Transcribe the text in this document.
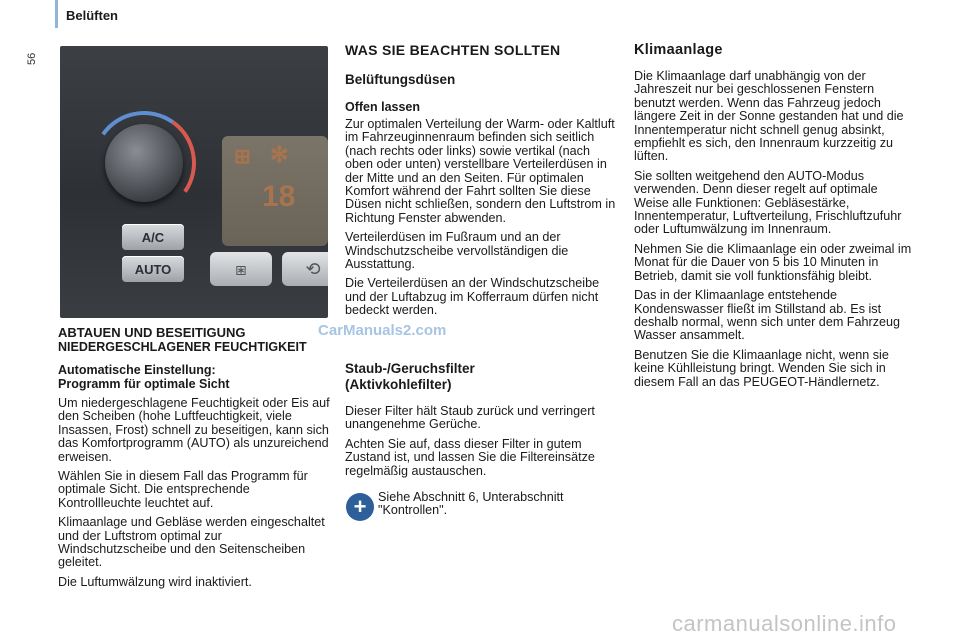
56
Belüften
⊞ ✻
18
A/C
AUTO	⧆	⟲
ABTAUEN UND BESEITIGUNG
NIEDERGESCHLAGENER FEUCHTIGKEIT
Automatische Einstellung:
Programm für optimale Sicht

Um niedergeschlagene Feuchtigkeit oder Eis auf den Scheiben (hohe Luftfeuchtigkeit, viele Insassen, Frost) schnell zu beseitigen, kann sich das Komfortprogramm (AUTO) als unzureichend erweisen.

Wählen Sie in diesem Fall das Programm für optimale Sicht. Die entsprechende Kontrollleuchte leuchtet auf.

Klimaanlage und Gebläse werden eingeschaltet und der Luftstrom optimal zur Windschutzscheibe und den Seitenscheiben geleitet.

Die Luftumwälzung wird inaktiviert.

CarManuals2.com
WAS SIE BEACHTEN SOLLTEN
Belüftungsdüsen
Offen lassen

Zur optimalen Verteilung der Warm- oder Kaltluft im Fahrzeuginnenraum befinden sich seitlich (nach rechts oder links) sowie vertikal (nach oben oder unten) verstellbare Verteilerdüsen in der Mitte und an den Seiten. Für optimalen Komfort während der Fahrt sollten Sie diese Düsen nicht schließen, sondern den Luftstrom in Richtung Fenster abwenden.

Verteilerdüsen im Fußraum und an der Windschutzscheibe vervollständigen die Ausstattung.

Die Verteilerdüsen an der Windschutzscheibe und der Luftabzug im Kofferraum dürfen nicht bedeckt werden.

Staub-/Geruchsfilter
(Aktivkohlefilter)

Dieser Filter hält Staub zurück und verringert unangenehme Gerüche.

Achten Sie auf, dass dieser Filter in gutem Zustand ist, und lassen Sie die Filtereinsätze regelmäßig austauschen.

+ Siehe Abschnitt 6, Unterabschnitt "Kontrollen".
Klimaanlage

Die Klimaanlage darf unabhängig von der Jahreszeit nur bei geschlossenen Fenstern benutzt werden. Wenn das Fahrzeug jedoch längere Zeit in der Sonne gestanden hat und die Innentemperatur nicht schnell genug absinkt, empfiehlt es sich, den Innenraum kurzzeitig zu lüften.

Sie sollten weitgehend den AUTO-Modus verwenden. Denn dieser regelt auf optimale Weise alle Funktionen: Gebläsestärke, Innentemperatur, Luftverteilung, Frischluftzufuhr oder Luftumwälzung im Innenraum.

Nehmen Sie die Klimaanlage ein oder zweimal im Monat für die Dauer von 5 bis 10 Minuten in Betrieb, damit sie voll funktionsfähig bleibt.

Das in der Klimaanlage entstehende Kondenswasser fließt im Stillstand ab. Es ist deshalb normal, wenn sich unter dem Fahrzeug Wasser ansammelt.

Benutzen Sie die Klimaanlage nicht, wenn sie keine Kühlleistung bringt. Wenden Sie sich in diesem Fall an das PEUGEOT-Händlernetz.

carmanualsonline.info
